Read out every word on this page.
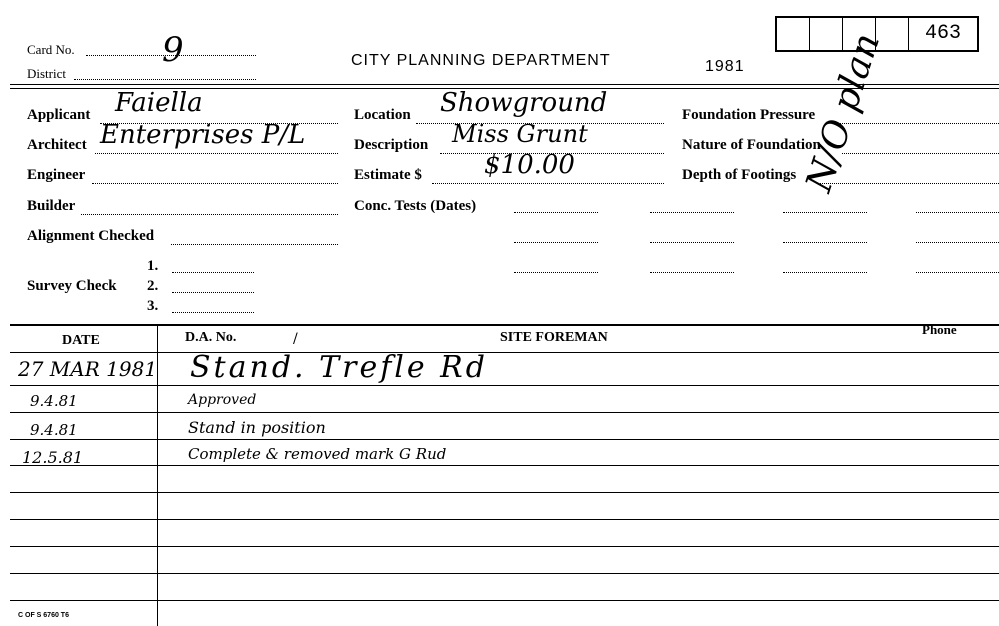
Card No.	9
District
CITY PLANNING DEPARTMENT	1981
463
Applicant Faiella
Architect Enterprises P/L
Engineer
Builder
Alignment Checked
Survey Check
1.
2.
3.
Location Showground
Description Miss Grunt
Estimate $ $10.00
Conc. Tests (Dates)
Foundation Pressure
Nature of Foundation
Depth of Footings N/O plan
DATE	D.A. No.	/	SITE FOREMAN
Phone
27 MAR 1981 Stand. Trefle Rd
9.4.81	Approved
9.4.81	Stand in position
12.5.81	Complete & removed mark G Rud
C OF S 6760 T6
